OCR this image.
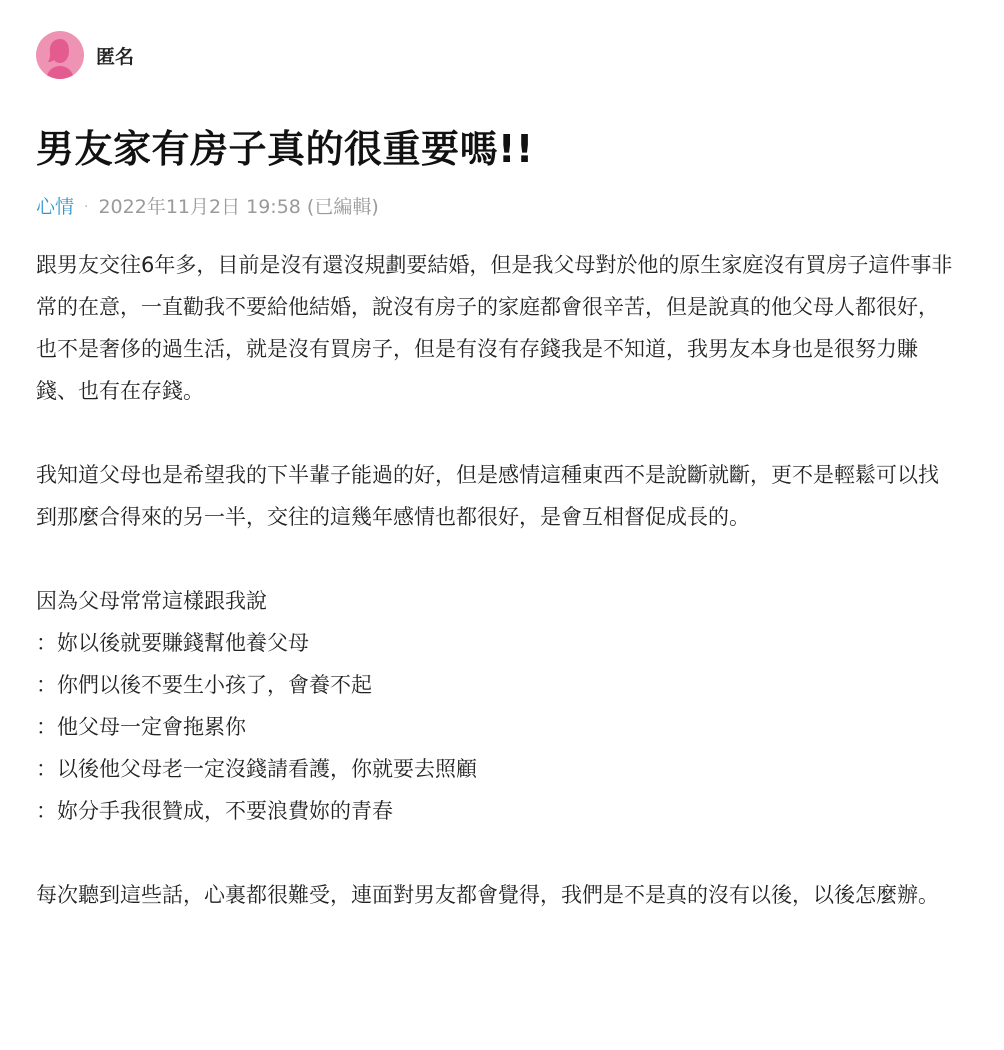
匿名
男友家有房子真的很重要嗎!!
心情 · 2022年11月2日 19:58 (已編輯)

跟男友交往6年多，目前是沒有還沒規劃要結婚，但是我父母對於他的原生家庭沒有買房子這件事非常的在意，一直勸我不要給他結婚，說沒有房子的家庭都會很辛苦，但是說真的他父母人都很好，也不是奢侈的過生活，就是沒有買房子，但是有沒有存錢我是不知道，我男友本身也是很努力賺錢、也有在存錢。

我知道父母也是希望我的下半輩子能過的好，但是感情這種東西不是說斷就斷，更不是輕鬆可以找到那麼合得來的另一半，交往的這幾年感情也都很好，是會互相督促成長的。

因為父母常常這樣跟我說

：妳以後就要賺錢幫他養父母

：你們以後不要生小孩了，會養不起

：他父母一定會拖累你

：以後他父母老一定沒錢請看護，你就要去照顧

：妳分手我很贊成，不要浪費妳的青春

每次聽到這些話，心裏都很難受，連面對男友都會覺得，我們是不是真的沒有以後，以後怎麼辦。
